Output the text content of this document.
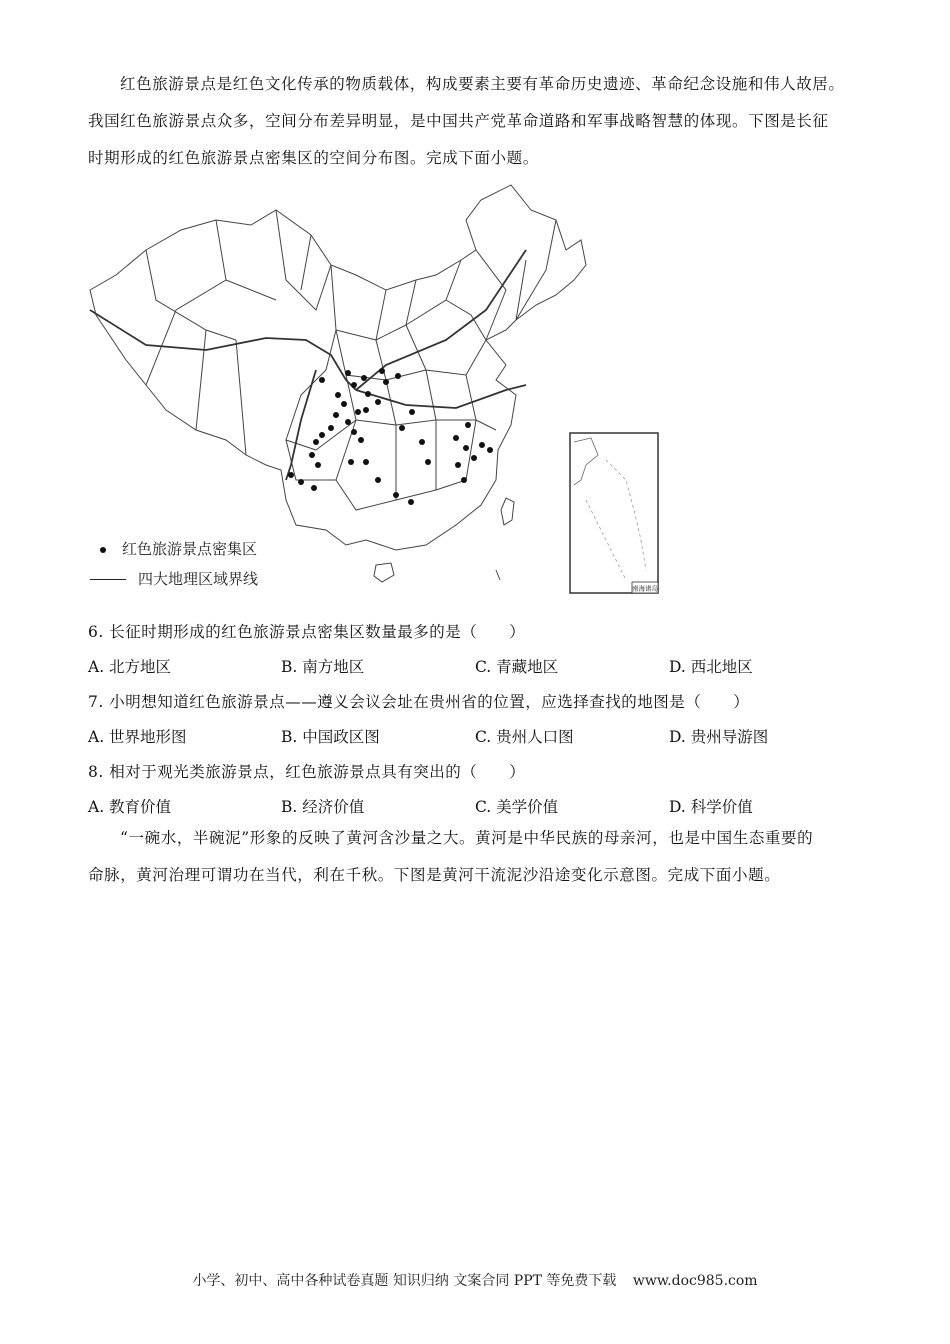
红色旅游景点是红色文化传承的物质载体，构成要素主要有革命历史遗迹、革命纪念设施和伟人故居。

我国红色旅游景点众多，空间分布差异明显，是中国共产党革命道路和军事战略智慧的体现。下图是长征

时期形成的红色旅游景点密集区的空间分布图。完成下面小题。

南海诸岛
红色旅游景点密集区
四大地理区域界线
6. 长征时期形成的红色旅游景点密集区数量最多的是（　　）
A. 北方地区	B. 南方地区	C. 青藏地区	D. 西北地区
7. 小明想知道红色旅游景点——遵义会议会址在贵州省的位置，应选择查找的地图是（　　）
A. 世界地形图	B. 中国政区图	C. 贵州人口图	D. 贵州导游图
8. 相对于观光类旅游景点，红色旅游景点具有突出的（　　）
A. 教育价值	B. 经济价值	C. 美学价值	D. 科学价值

“一碗水，半碗泥”形象的反映了黄河含沙量之大。黄河是中华民族的母亲河，也是中国生态重要的

命脉，黄河治理可谓功在当代，利在千秋。下图是黄河干流泥沙沿途变化示意图。完成下面小题。

小学、初中、高中各种试卷真题 知识归纳 文案合同 PPT 等免费下载 www.doc985.com
